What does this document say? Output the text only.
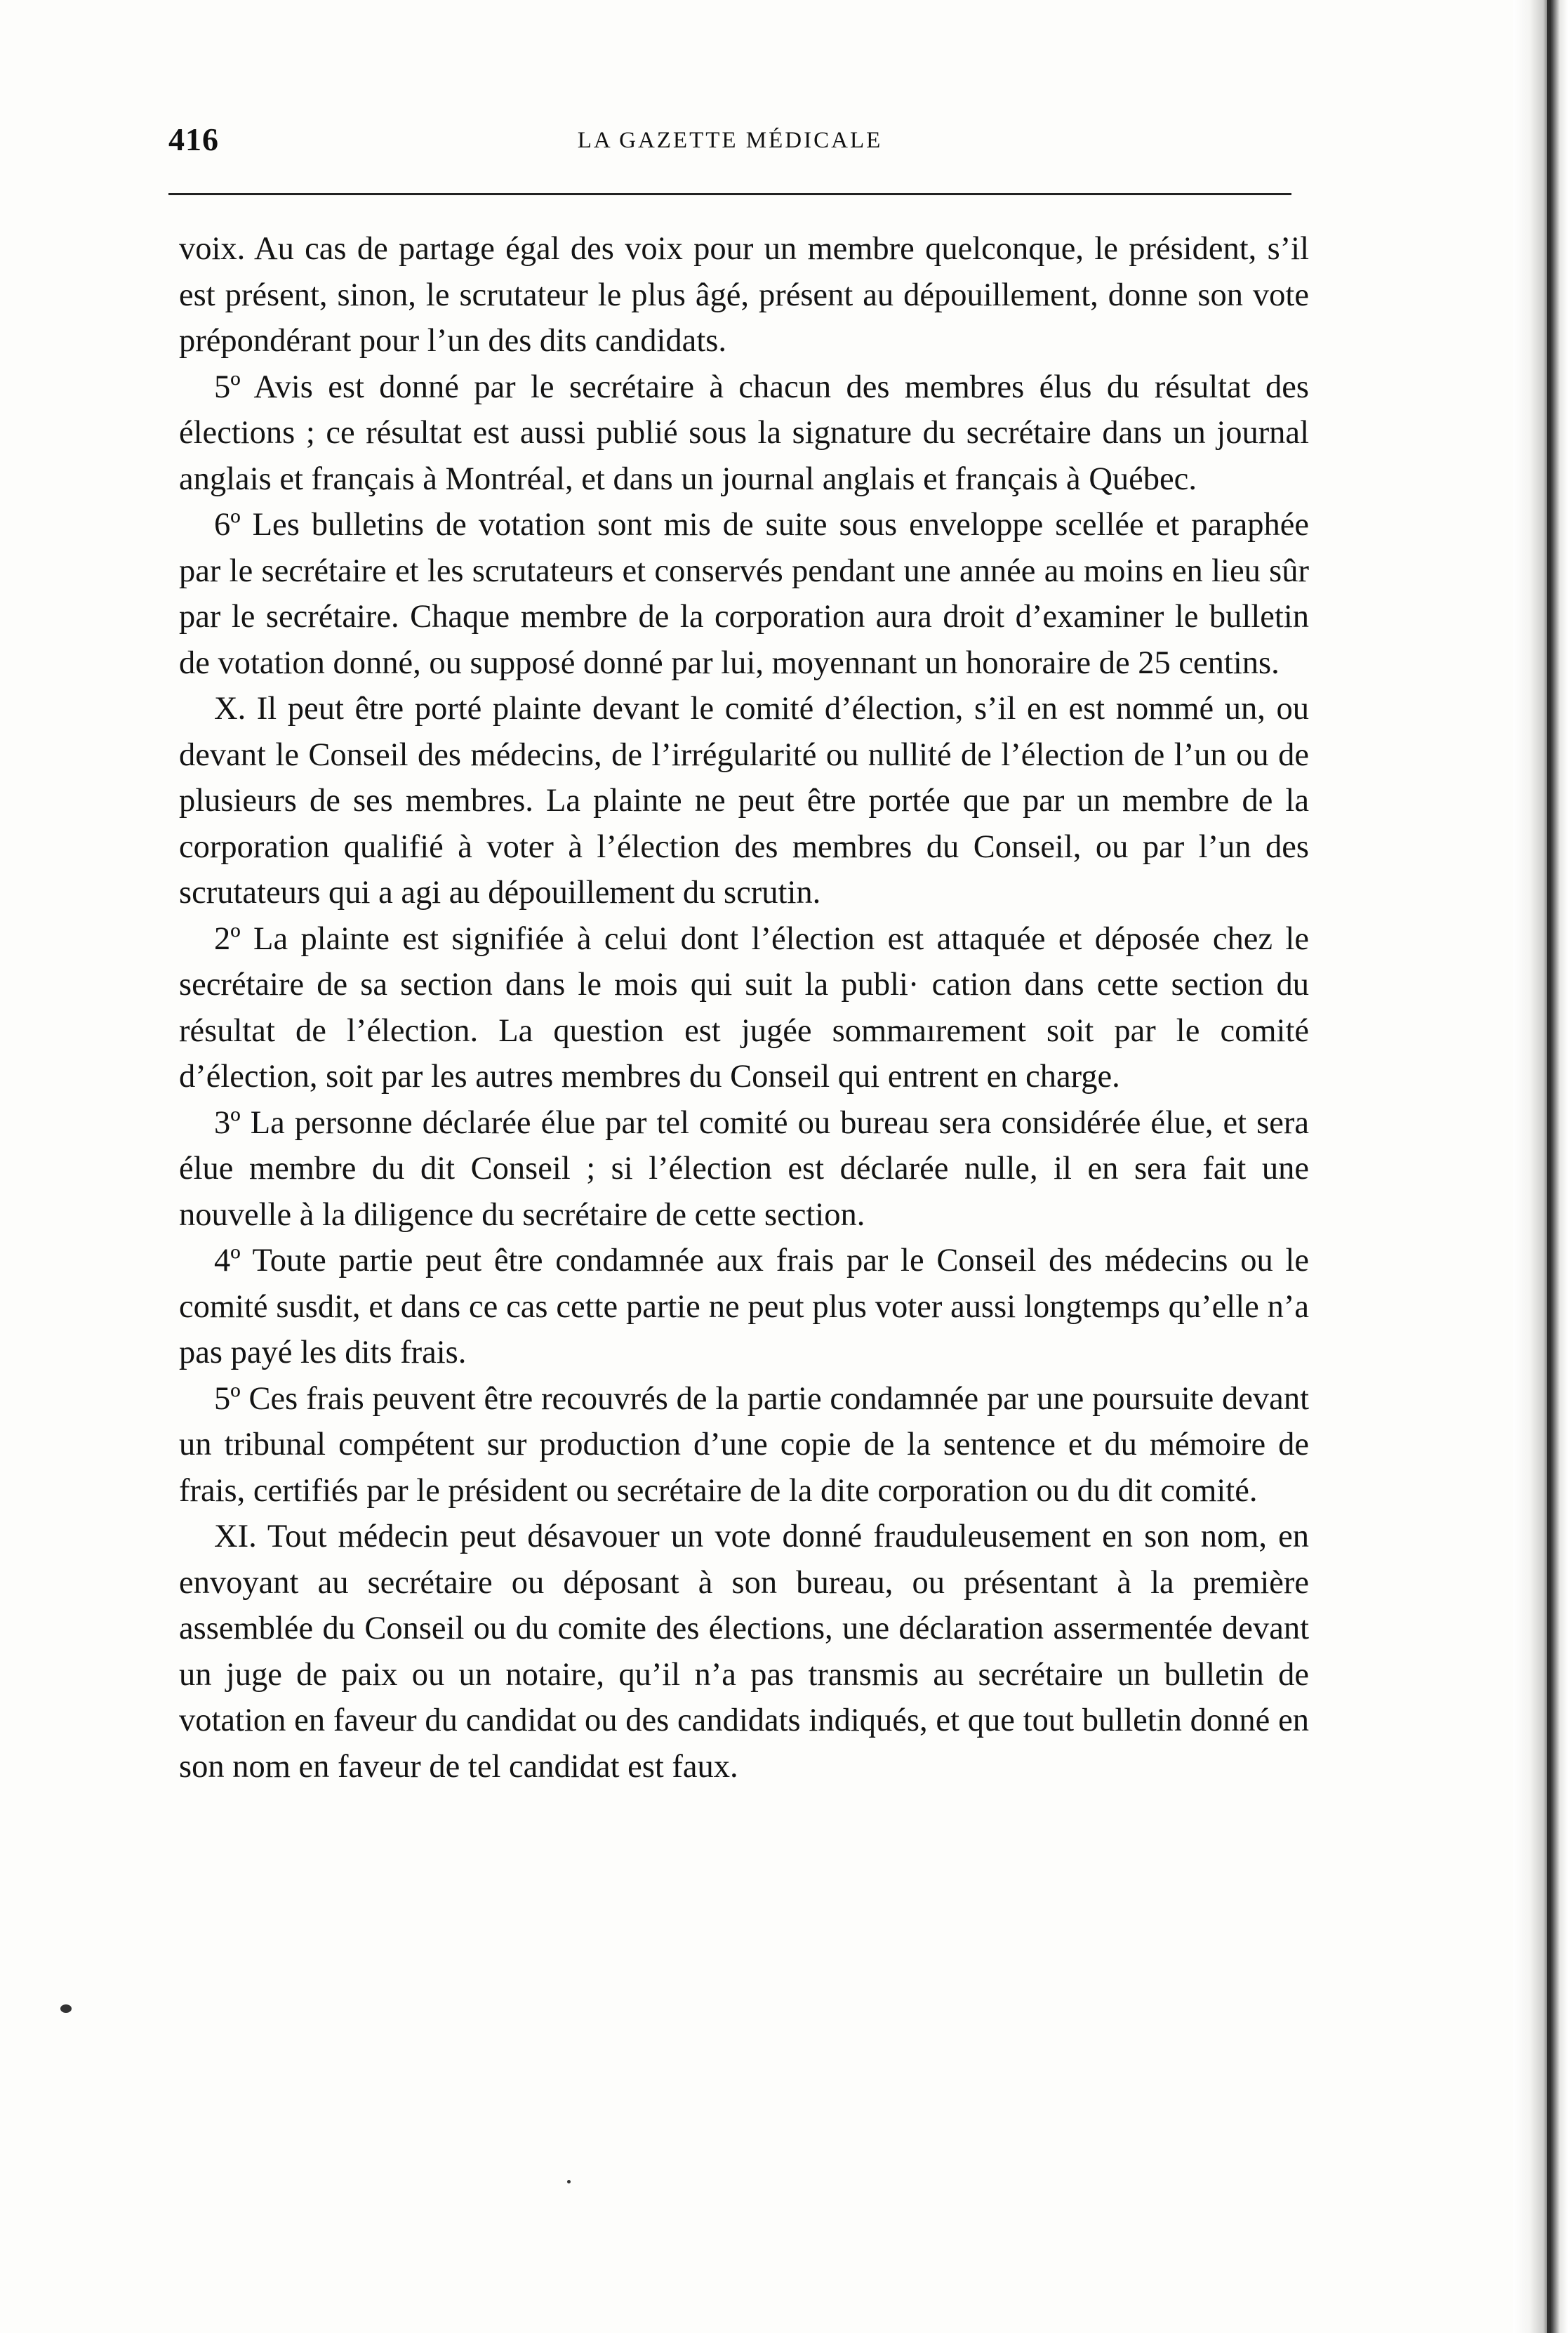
416	LA GAZETTE MÉDICALE

voix. Au cas de partage égal des voix pour un membre quelconque, le président, s’il est présent, sinon, le scrutateur le plus âgé, présent au dépouillement, donne son vote prépondérant pour l’un des dits candidats.

5º Avis est donné par le secrétaire à chacun des membres élus du résultat des élections ; ce résultat est aussi publié sous la signature du secrétaire dans un journal anglais et français à Montréal, et dans un journal anglais et français à Québec.

6º Les bulletins de votation sont mis de suite sous enveloppe scellée et paraphée par le secrétaire et les scrutateurs et conservés pendant une année au moins en lieu sûr par le secrétaire. Chaque membre de la corporation aura droit d’examiner le bulletin de votation donné, ou supposé donné par lui, moyennant un honoraire de 25 centins.

X. Il peut être porté plainte devant le comité d’élection, s’il en est nommé un, ou devant le Conseil des médecins, de l’irrégularité ou nullité de l’élection de l’un ou de plusieurs de ses membres. La plainte ne peut être portée que par un membre de la corporation qualifié à voter à l’élection des membres du Conseil, ou par l’un des scrutateurs qui a agi au dépouillement du scrutin.

2º La plainte est signifiée à celui dont l’élection est attaquée et déposée chez le secrétaire de sa section dans le mois qui suit la publi· cation dans cette section du résultat de l’élection. La question est jugée sommaırement soit par le comité d’élection, soit par les autres membres du Conseil qui entrent en charge.

3º La personne déclarée élue par tel comité ou bureau sera considérée élue, et sera élue membre du dit Conseil ; si l’élection est déclarée nulle, il en sera fait une nouvelle à la diligence du secrétaire de cette section.

4º Toute partie peut être condamnée aux frais par le Conseil des médecins ou le comité susdit, et dans ce cas cette partie ne peut plus voter aussi longtemps qu’elle n’a pas payé les dits frais.

5º Ces frais peuvent être recouvrés de la partie condamnée par une poursuite devant un tribunal compétent sur production d’une copie de la sentence et du mémoire de frais, certifiés par le président ou secrétaire de la dite corporation ou du dit comité.

XI. Tout médecin peut désavouer un vote donné frauduleusement en son nom, en envoyant au secrétaire ou déposant à son bureau, ou présentant à la première assemblée du Conseil ou du comite des élections, une déclaration assermentée devant un juge de paix ou un notaire, qu’il n’a pas transmis au secrétaire un bulletin de votation en faveur du candidat ou des candidats indiqués, et que tout bulletin donné en son nom en faveur de tel candidat est faux.
